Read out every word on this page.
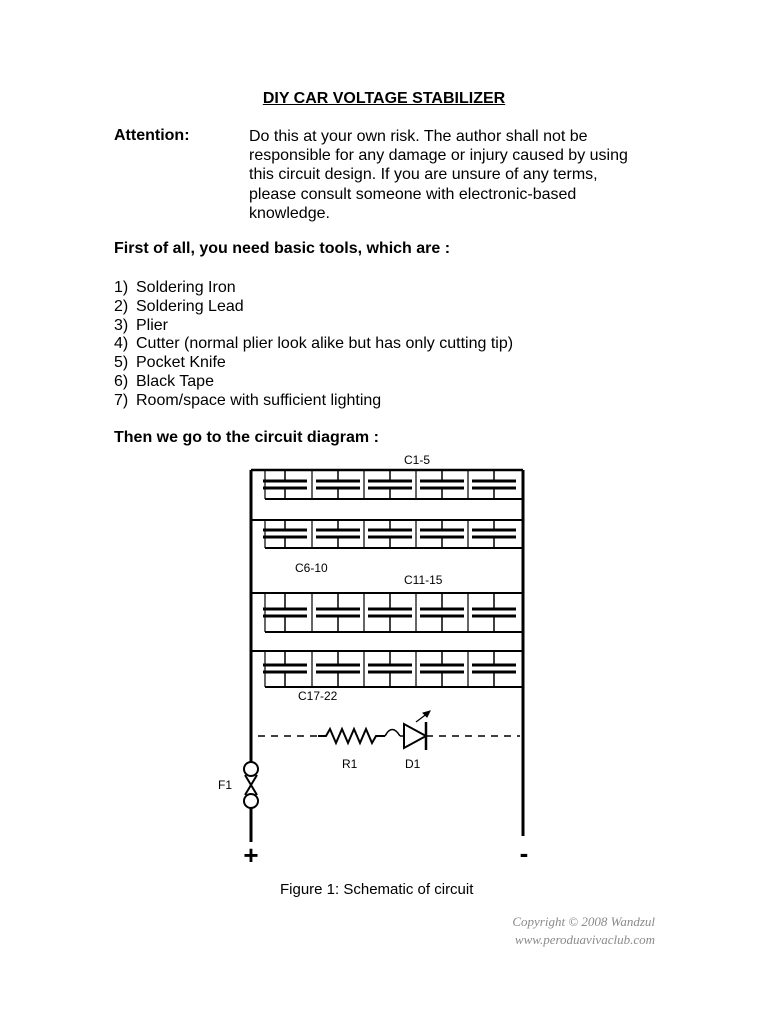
DIY CAR VOLTAGE STABILIZER
Attention:	Do this at your own risk. The author shall not be
responsible for any damage or injury caused by using
this circuit design. If you are unsure of any terms,
please consult someone with electronic-based
knowledge.
First of all, you need basic tools, which are :
1) Soldering Iron
2) Soldering Lead
3) Plier
4) Cutter (normal plier look alike but has only cutting tip)
5) Pocket Knife
6) Black Tape
7) Room/space with sufficient lighting
Then we go to the circuit diagram :
C1-5
C6-10
C11-15
C17-22
R1	D1
F1
+	-
Figure 1: Schematic of circuit
Copyright © 2008 Wandzul
www.peroduavivaclub.com
